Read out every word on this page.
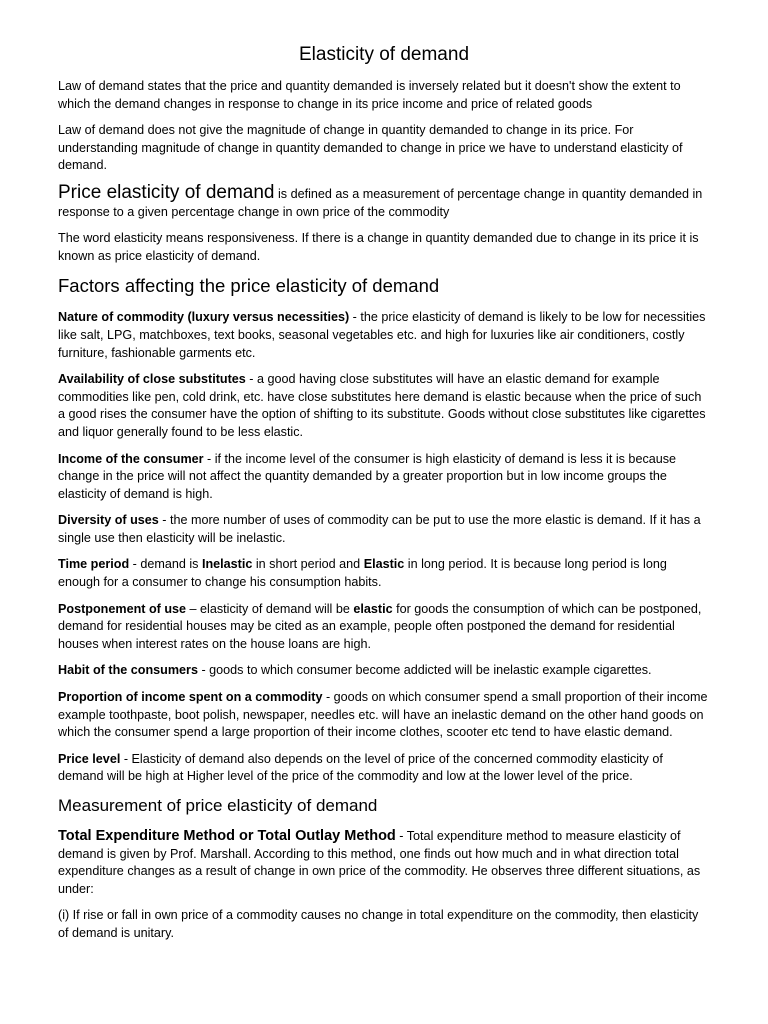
Elasticity of demand

Law of demand states that the price and quantity demanded is inversely related but it doesn't show the extent to which the demand changes in response to change in its price income and price of related goods

Law of demand does not give the magnitude of change in quantity demanded to change in its price. For understanding magnitude of change in quantity demanded to change in price we have to understand elasticity of demand.

Price elasticity of demand is defined as a measurement of percentage change in quantity demanded in response to a given percentage change in own price of the commodity

The word elasticity means responsiveness. If there is a change in quantity demanded due to change in its price it is known as price elasticity of demand.

Factors affecting the price elasticity of demand

Nature of commodity (luxury versus necessities) - the price elasticity of demand is likely to be low for necessities like salt, LPG, matchboxes, text books, seasonal vegetables etc. and high for luxuries like air conditioners, costly furniture, fashionable garments etc.

Availability of close substitutes - a good having close substitutes will have an elastic demand for example commodities like pen, cold drink, etc. have close substitutes here demand is elastic because when the price of such a good rises the consumer have the option of shifting to its substitute. Goods without close substitutes like cigarettes and liquor generally found to be less elastic.

Income of the consumer - if the income level of the consumer is high elasticity of demand is less it is because change in the price will not affect the quantity demanded by a greater proportion but in low income groups the elasticity of demand is high.

Diversity of uses - the more number of uses of commodity can be put to use the more elastic is demand. If it has a single use then elasticity will be inelastic.

Time period - demand is Inelastic in short period and Elastic in long period. It is because long period is long enough for a consumer to change his consumption habits.

Postponement of use – elasticity of demand will be elastic for goods the consumption of which can be postponed, demand for residential houses may be cited as an example, people often postponed the demand for residential houses when interest rates on the house loans are high.

Habit of the consumers - goods to which consumer become addicted will be inelastic example cigarettes.

Proportion of income spent on a commodity - goods on which consumer spend a small proportion of their income example toothpaste, boot polish, newspaper, needles etc. will have an inelastic demand on the other hand goods on which the consumer spend a large proportion of their income clothes, scooter etc tend to have elastic demand.

Price level - Elasticity of demand also depends on the level of price of the concerned commodity elasticity of demand will be high at Higher level of the price of the commodity and low at the lower level of the price.

Measurement of price elasticity of demand

Total Expenditure Method or Total Outlay Method - Total expenditure method to measure elasticity of demand is given by Prof. Marshall. According to this method, one finds out how much and in what direction total expenditure changes as a result of change in own price of the commodity. He observes three different situations, as under:

(i) If rise or fall in own price of a commodity causes no change in total expenditure on the commodity, then elasticity of demand is unitary.
